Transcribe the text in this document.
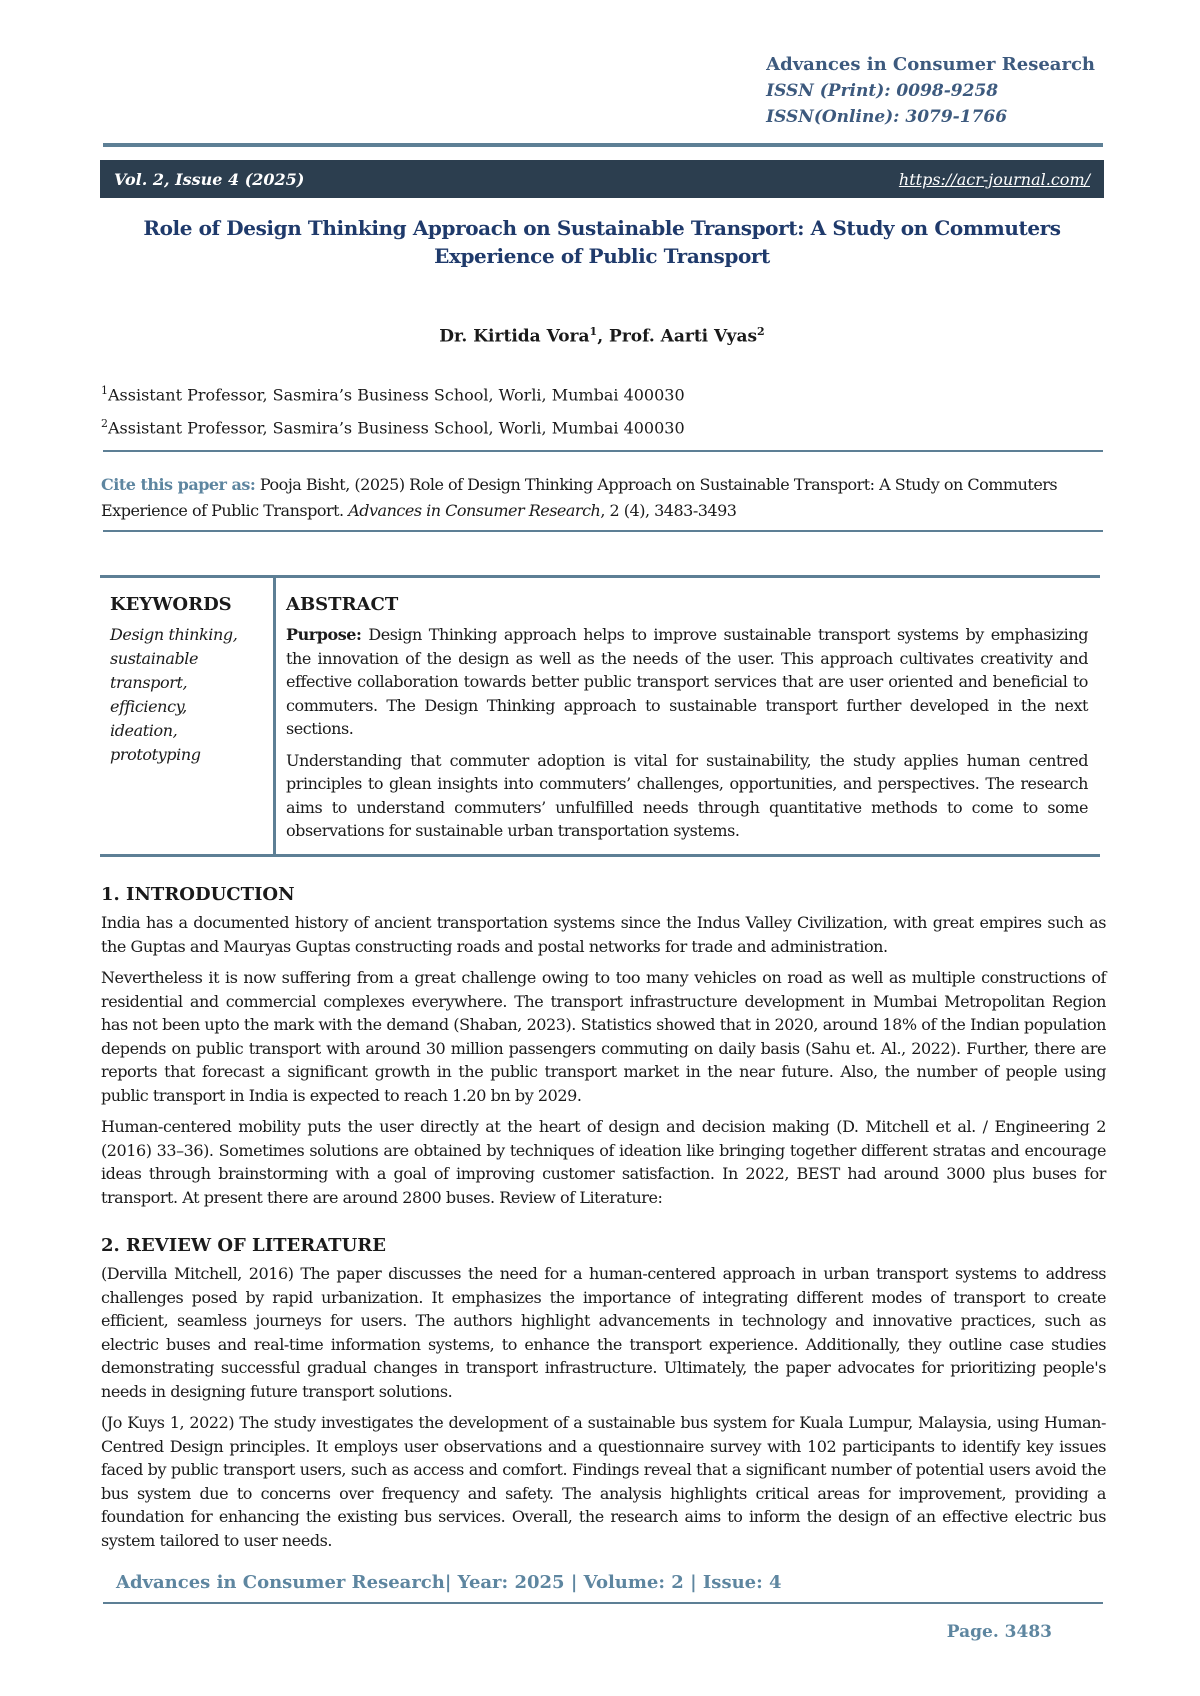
Advances in Consumer Research
ISSN (Print): 0098-9258
ISSN(Online): 3079-1766
Vol. 2, Issue 4 (2025)	https://acr-journal.com/
Role of Design Thinking Approach on Sustainable Transport: A Study on Commuters
Experience of Public Transport
Dr. Kirtida Vora$^1$, Prof. Aarti Vyas$^2$
$^1$Assistant Professor, Sasmira’s Business School, Worli, Mumbai 400030
$^2$Assistant Professor, Sasmira’s Business School, Worli, Mumbai 400030
Cite this paper as: Pooja Bisht, (2025) Role of Design Thinking Approach on Sustainable Transport: A Study on Commuters Experience of Public Transport. Advances in Consumer Research, 2 (4), 3483-3493
KEYWORDS
Design thinking,
sustainable
transport,
efficiency,
ideation,
prototyping
ABSTRACT

Purpose: Design Thinking approach helps to improve sustainable transport systems by emphasizing the innovation of the design as well as the needs of the user. This approach cultivates creativity and effective collaboration towards better public transport services that are user oriented and beneficial to commuters. The Design Thinking approach to sustainable transport further developed in the next sections.

Understanding that commuter adoption is vital for sustainability, the study applies human centred principles to glean insights into commuters’ challenges, opportunities, and perspectives. The research aims to understand commuters’ unfulfilled needs through quantitative methods to come to some observations for sustainable urban transportation systems.

1. INTRODUCTION

India has a documented history of ancient transportation systems since the Indus Valley Civilization, with great empires such as the Guptas and Mauryas Guptas constructing roads and postal networks for trade and administration.

Nevertheless it is now suffering from a great challenge owing to too many vehicles on road as well as multiple constructions of residential and commercial complexes everywhere. The transport infrastructure development in Mumbai Metropolitan Region has not been upto the mark with the demand (Shaban, 2023). Statistics showed that in 2020, around 18% of the Indian population depends on public transport with around 30 million passengers commuting on daily basis (Sahu et. Al., 2022). Further, there are reports that forecast a significant growth in the public transport market in the near future. Also, the number of people using public transport in India is expected to reach 1.20 bn by 2029.

Human-centered mobility puts the user directly at the heart of design and decision making (D. Mitchell et al. / Engineering 2 (2016) 33–36). Sometimes solutions are obtained by techniques of ideation like bringing together different stratas and encourage ideas through brainstorming with a goal of improving customer satisfaction. In 2022, BEST had around 3000 plus buses for transport. At present there are around 2800 buses. Review of Literature:

2. REVIEW OF LITERATURE

(Dervilla Mitchell, 2016) The paper discusses the need for a human-centered approach in urban transport systems to address challenges posed by rapid urbanization. It emphasizes the importance of integrating different modes of transport to create efficient, seamless journeys for users. The authors highlight advancements in technology and innovative practices, such as electric buses and real-time information systems, to enhance the transport experience. Additionally, they outline case studies demonstrating successful gradual changes in transport infrastructure. Ultimately, the paper advocates for prioritizing people's needs in designing future transport solutions.

(Jo Kuys 1, 2022) The study investigates the development of a sustainable bus system for Kuala Lumpur, Malaysia, using Human-Centred Design principles. It employs user observations and a questionnaire survey with 102 participants to identify key issues faced by public transport users, such as access and comfort. Findings reveal that a significant number of potential users avoid the bus system due to concerns over frequency and safety. The analysis highlights critical areas for improvement, providing a foundation for enhancing the existing bus services. Overall, the research aims to inform the design of an effective electric bus system tailored to user needs.

Advances in Consumer Research| Year: 2025 | Volume: 2 | Issue: 4
Page. 3483
